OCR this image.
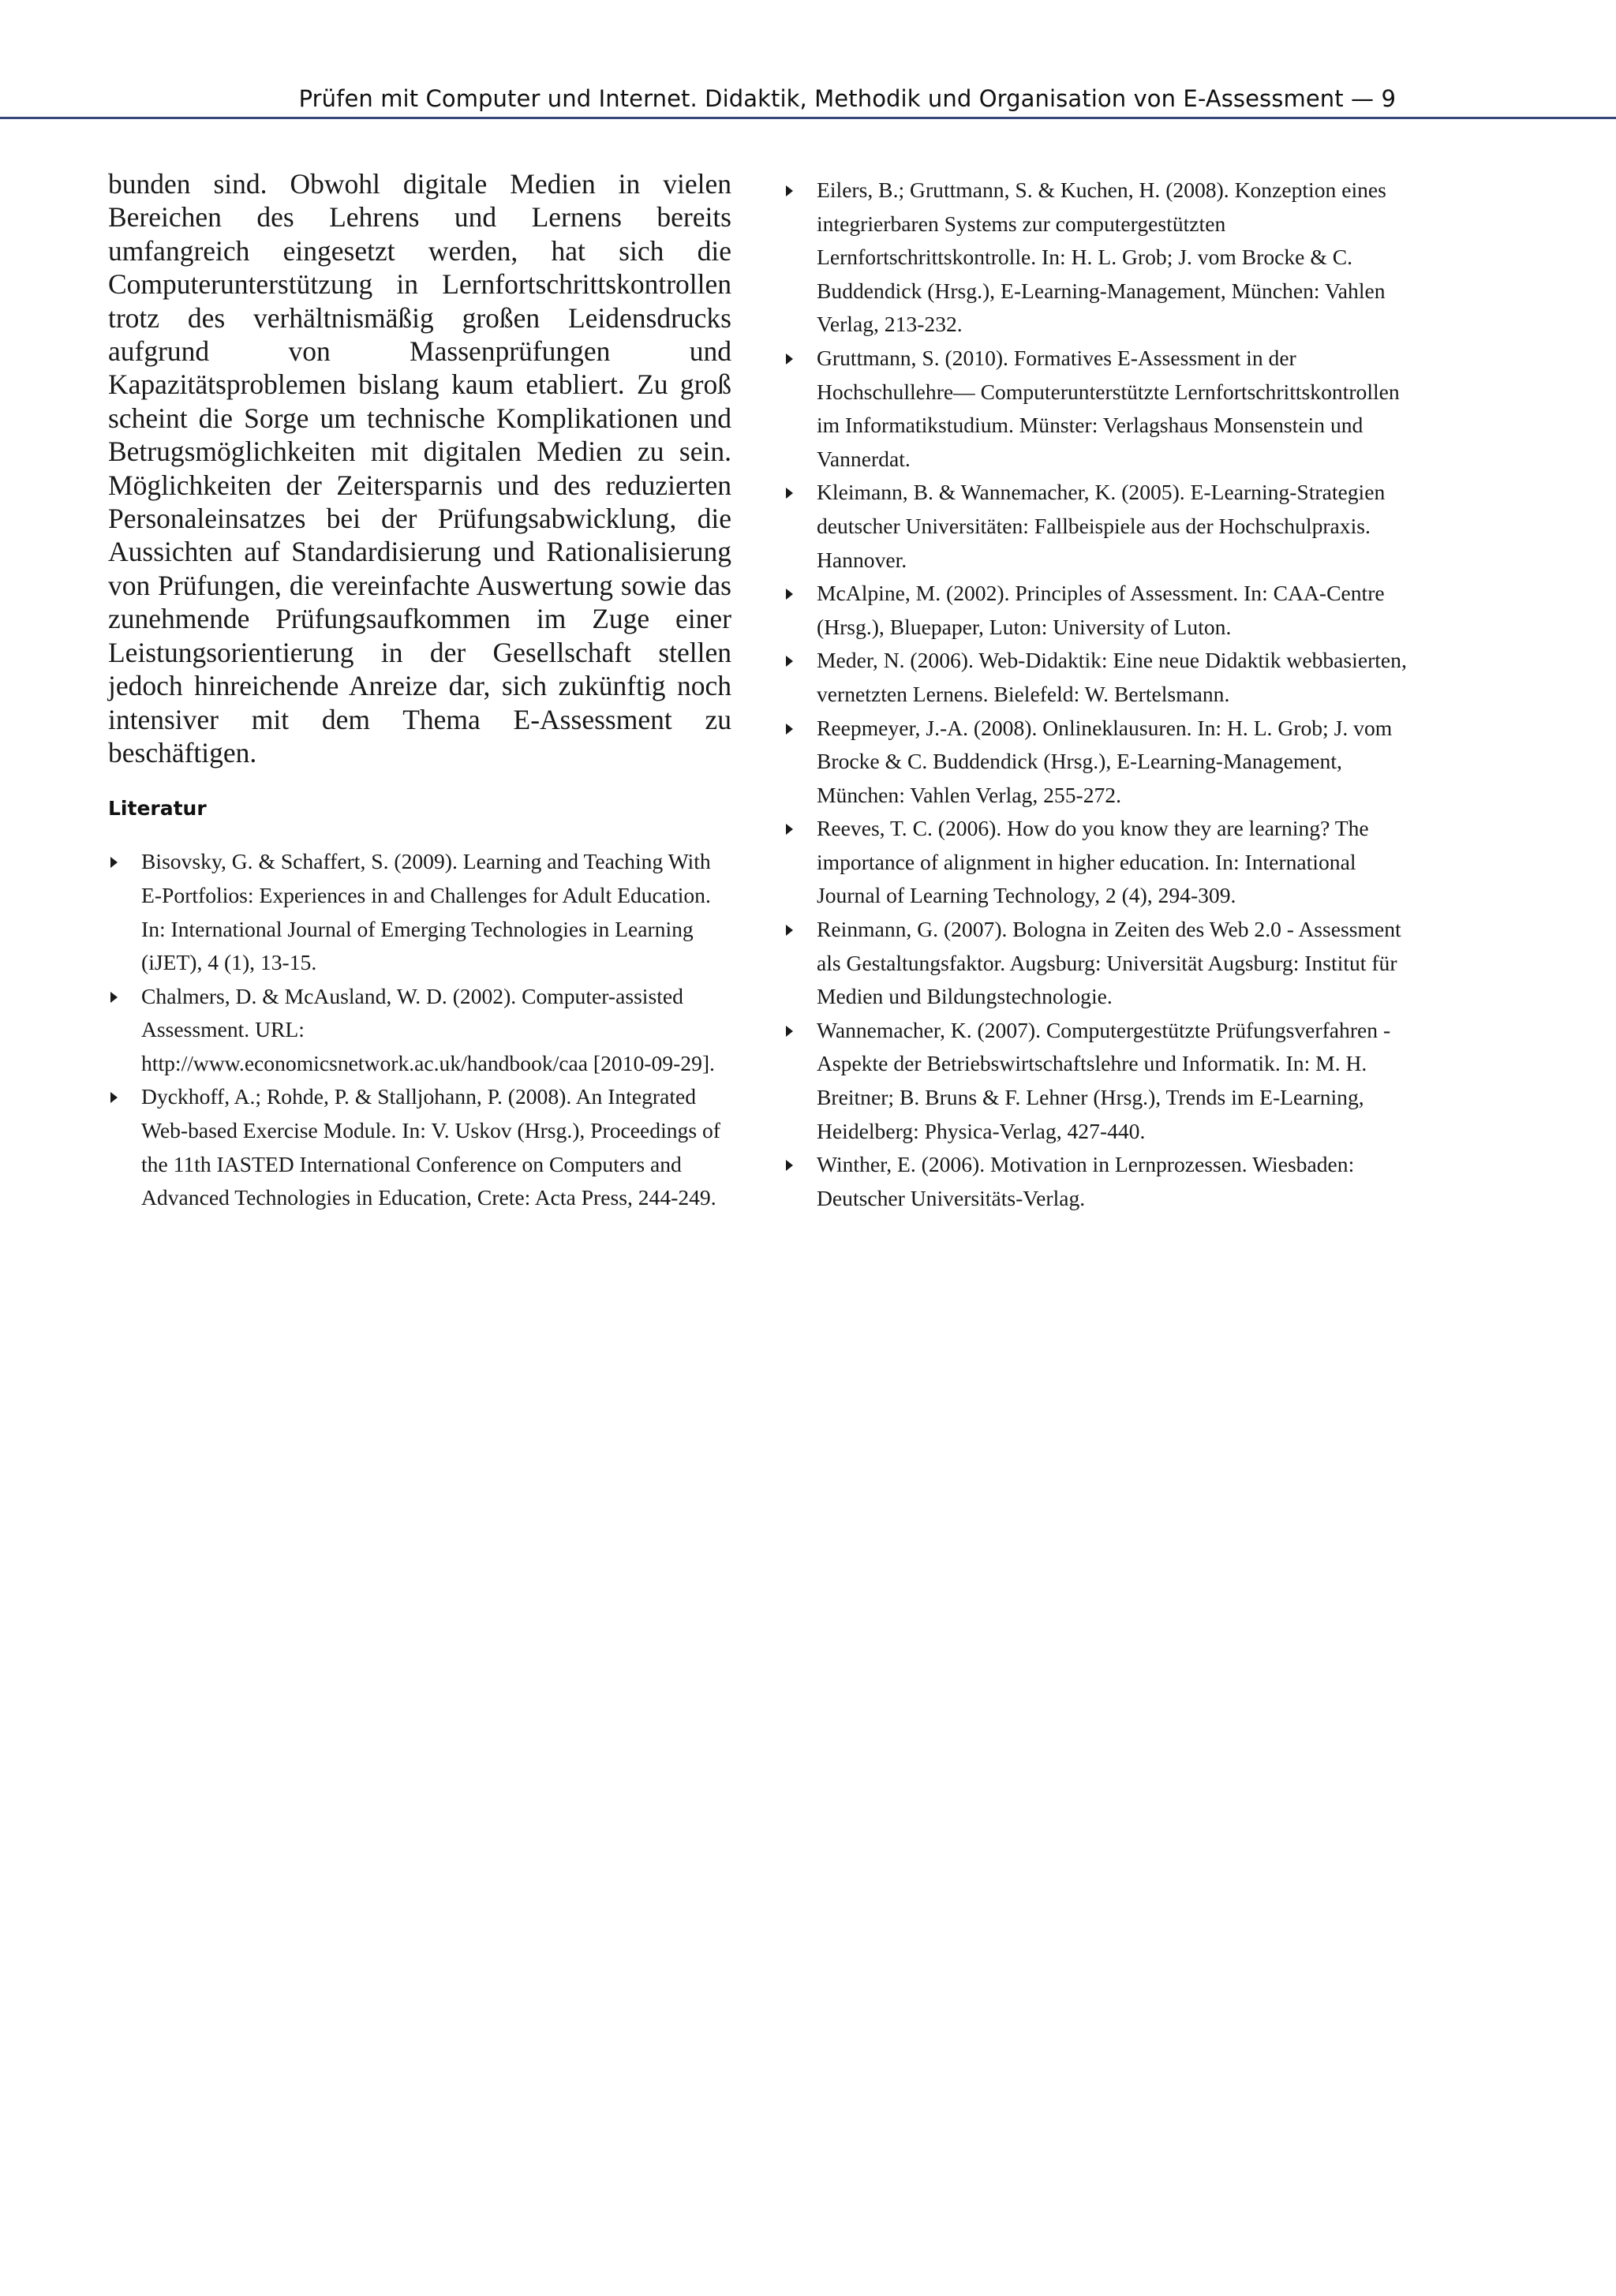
Prüfen mit Computer und Internet. Didaktik, Methodik und Organisation von E-Assessment — 9

bunden sind. Obwohl digitale Medien in vielen Bereichen des Lehrens und Lernens bereits umfangreich eingesetzt werden, hat sich die Computerunterstützung in Lernfortschrittskontrollen trotz des verhältnismäßig großen Leidensdrucks aufgrund von Massenprüfungen und Kapazitätsproblemen bislang kaum etabliert. Zu groß scheint die Sorge um technische Komplikationen und Betrugsmöglichkeiten mit digitalen Medien zu sein. Möglichkeiten der Zeitersparnis und des reduzierten Personaleinsatzes bei der Prüfungsabwicklung, die Aussichten auf Standardisierung und Rationalisierung von Prüfungen, die vereinfachte Auswertung sowie das zunehmende Prüfungsaufkommen im Zuge einer Leistungsorientierung in der Gesellschaft stellen jedoch hinreichende Anreize dar, sich zukünftig noch intensiver mit dem Thema E-Assessment zu beschäftigen.

Literatur
Bisovsky, G. & Schaffert, S. (2009). Learning and Teaching With E-Portfolios: Experiences in and Challenges for Adult Education. In: International Journal of Emerging Technologies in Learning (iJET), 4 (1), 13-15.
Chalmers, D. & McAusland, W. D. (2002). Computer-assisted Assessment. URL: http://www.economicsnetwork.ac.uk/handbook/caa [2010-09-29].
Dyckhoff, A.; Rohde, P. & Stalljohann, P. (2008). An Integrated Web-based Exercise Module. In: V. Uskov (Hrsg.), Proceedings of the 11th IASTED International Conference on Computers and Advanced Technologies in Education, Crete: Acta Press, 244-249.
Eilers, B.; Gruttmann, S. & Kuchen, H. (2008). Konzeption eines integrierbaren Systems zur computergestützten Lernfortschrittskontrolle. In: H. L. Grob; J. vom Brocke & C. Buddendick (Hrsg.), E-Learning-Management, München: Vahlen Verlag, 213-232.
Gruttmann, S. (2010). Formatives E-Assessment in der Hochschullehre— Computerunterstützte Lernfortschrittskontrollen im Informatikstudium. Münster: Verlagshaus Monsenstein und Vannerdat.
Kleimann, B. & Wannemacher, K. (2005). E-Learning-Strategien deutscher Universitäten: Fallbeispiele aus der Hochschulpraxis. Hannover.
McAlpine, M. (2002). Principles of Assessment. In: CAA-Centre (Hrsg.), Bluepaper, Luton: University of Luton.
Meder, N. (2006). Web-Didaktik: Eine neue Didaktik webbasierten, vernetzten Lernens. Bielefeld: W. Bertelsmann.
Reepmeyer, J.-A. (2008). Onlineklausuren. In: H. L. Grob; J. vom Brocke & C. Buddendick (Hrsg.), E-Learning-Management, München: Vahlen Verlag, 255-272.
Reeves, T. C. (2006). How do you know they are learning? The importance of alignment in higher education. In: International Journal of Learning Technology, 2 (4), 294-309.
Reinmann, G. (2007). Bologna in Zeiten des Web 2.0 - Assessment als Gestaltungsfaktor. Augsburg: Universität Augsburg: Institut für Medien und Bildungstechnologie.
Wannemacher, K. (2007). Computergestützte Prüfungsverfahren - Aspekte der Betriebswirtschaftslehre und Informatik. In: M. H. Breitner; B. Bruns & F. Lehner (Hrsg.), Trends im E-Learning, Heidelberg: Physica-Verlag, 427-440.
Winther, E. (2006). Motivation in Lernprozessen. Wiesbaden: Deutscher Universitäts-Verlag.
